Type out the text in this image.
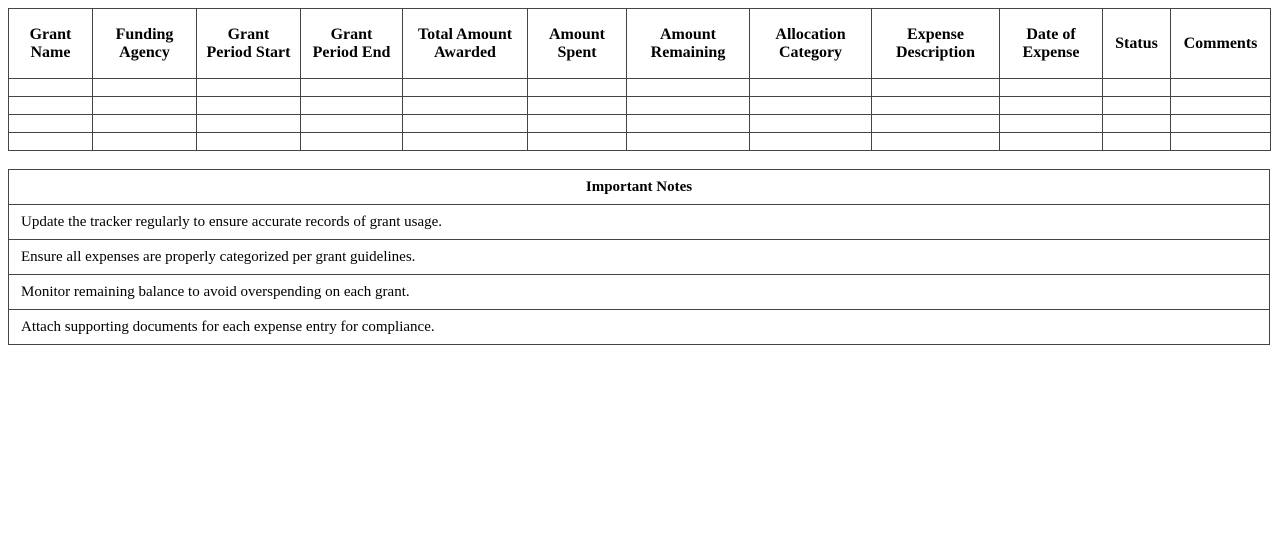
Grant Name	Funding Agency	Grant Period Start	Grant Period End	Total Amount Awarded	Amount Spent	Amount Remaining	Allocation Category	Expense Description	Date of Expense	Status	Comments

Important Notes
Update the tracker regularly to ensure accurate records of grant usage.
Ensure all expenses are properly categorized per grant guidelines.
Monitor remaining balance to avoid overspending on each grant.
Attach supporting documents for each expense entry for compliance.
